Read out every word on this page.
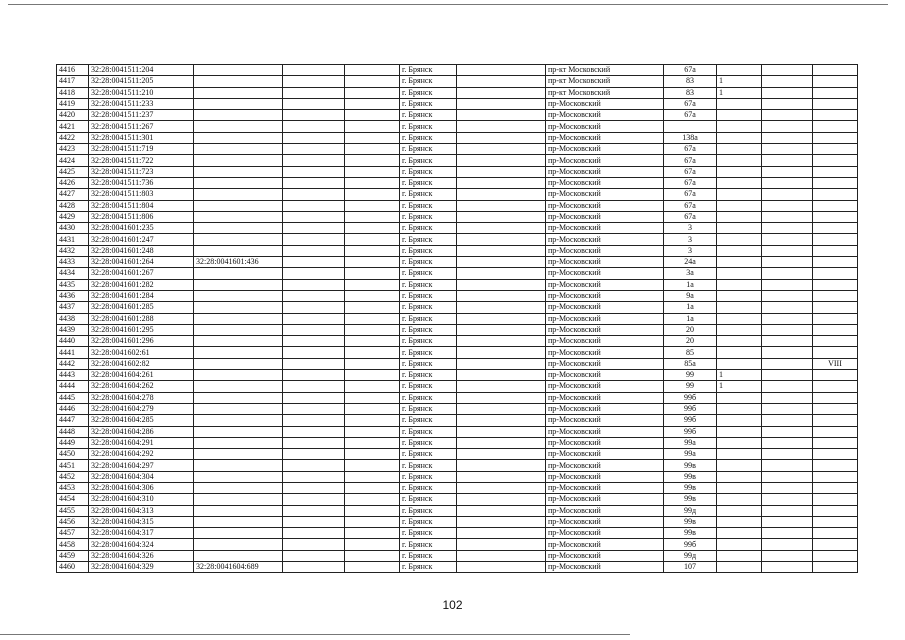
4416	32:28:0041511:204				г. Брянск		пр-кт Московский	67а			
4417	32:28:0041511:205				г. Брянск		пр-кт Московский	83	1		
4418	32:28:0041511:210				г. Брянск		пр-кт Московский	83	1		
4419	32:28:0041511:233				г. Брянск		пр-Московский	67а			
4420	32:28:0041511:237				г. Брянск		пр-Московский	67а			
4421	32:28:0041511:267				г. Брянск		пр-Московский				
4422	32:28:0041511:301				г. Брянск		пр-Московский	138а			
4423	32:28:0041511:719				г. Брянск		пр-Московский	67а			
4424	32:28:0041511:722				г. Брянск		пр-Московский	67а			
4425	32:28:0041511:723				г. Брянск		пр-Московский	67а			
4426	32:28:0041511:736				г. Брянск		пр-Московский	67а			
4427	32:28:0041511:803				г. Брянск		пр-Московский	67а			
4428	32:28:0041511:804				г. Брянск		пр-Московский	67а			
4429	32:28:0041511:806				г. Брянск		пр-Московский	67а			
4430	32:28:0041601:235				г. Брянск		пр-Московский	3			
4431	32:28:0041601:247				г. Брянск		пр-Московский	3			
4432	32:28:0041601:248				г. Брянск		пр-Московский	3			
4433	32:28:0041601:264	32:28:0041601:436			г. Брянск		пр-Московский	24а			
4434	32:28:0041601:267				г. Брянск		пр-Московский	3а			
4435	32:28:0041601:282				г. Брянск		пр-Московский	1а			
4436	32:28:0041601:284				г. Брянск		пр-Московский	9а			
4437	32:28:0041601:285				г. Брянск		пр-Московский	1а			
4438	32:28:0041601:288				г. Брянск		пр-Московский	1а			
4439	32:28:0041601:295				г. Брянск		пр-Московский	20			
4440	32:28:0041601:296				г. Брянск		пр-Московский	20			
4441	32:28:0041602:61				г. Брянск		пр-Московский	85			
4442	32:28:0041602:82				г. Брянск		пр-Московский	85а			VIII
4443	32:28:0041604:261				г. Брянск		пр-Московский	99	1		
4444	32:28:0041604:262				г. Брянск		пр-Московский	99	1		
4445	32:28:0041604:278				г. Брянск		пр-Московский	99б			
4446	32:28:0041604:279				г. Брянск		пр-Московский	99б			
4447	32:28:0041604:285				г. Брянск		пр-Московский	99б			
4448	32:28:0041604:286				г. Брянск		пр-Московский	99б			
4449	32:28:0041604:291				г. Брянск		пр-Московский	99а			
4450	32:28:0041604:292				г. Брянск		пр-Московский	99а			
4451	32:28:0041604:297				г. Брянск		пр-Московский	99в			
4452	32:28:0041604:304				г. Брянск		пр-Московский	99в			
4453	32:28:0041604:306				г. Брянск		пр-Московский	99в			
4454	32:28:0041604:310				г. Брянск		пр-Московский	99в			
4455	32:28:0041604:313				г. Брянск		пр-Московский	99д			
4456	32:28:0041604:315				г. Брянск		пр-Московский	99в			
4457	32:28:0041604:317				г. Брянск		пр-Московский	99в			
4458	32:28:0041604:324				г. Брянск		пр-Московский	99б			
4459	32:28:0041604:326				г. Брянск		пр-Московский	99д			
4460	32:28:0041604:329	32:28:0041604:689			г. Брянск		пр-Московский	107			
102
